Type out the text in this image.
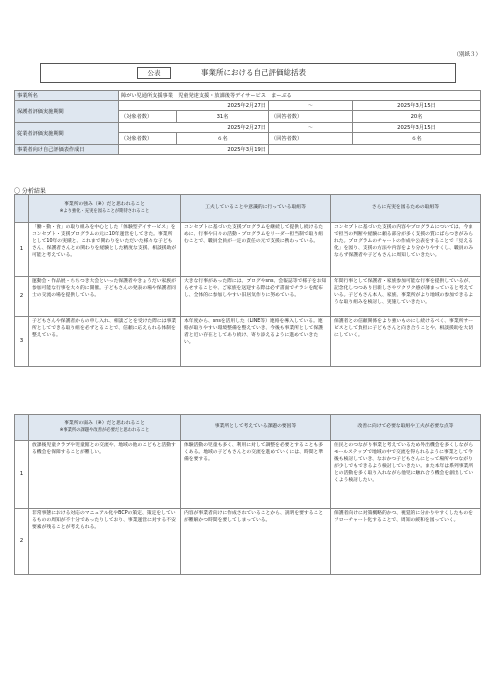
（別紙３）
公表	事業所における自己評価総括表
事業所名	障がい児通所支援事業　児童発達支援・放課後等デイサービス　まーぶる			
保護者評価実施期間	2025年2月27日		～	2025年3月15日
	（対象者数）	31名	（回答者数）	20名
従業者評価実施期間	2025年2月27日		～	2025年3月15日
	（対象者数）	６名	（回答者数）	６名
事業者向け自己評価表作成日	2025年3月19日			
〇 分析結果
	事業所の強み（※）だと思われること
※より強化・充実を図ることが期待されること	工夫していることや意識的に行っている取組等	さらに充実を図るための取組等
1	「働・動・食」の取り組みを中心とした「体験型デイサービス」をコンセプト・支援プログラムの元に10年運営をしてきた。事業所として10年の実績と、これまで関わりをいただいた様々な子どもさん、保護者さんとの関わりを経験とした精度な支援、相談援助が可能と考えている。	コンセプトに基づいた支援プログラムを継続して提供し続けるために、行事や日々の活動・プログラムをリーダー担当制で取り組むことで、職員全員が一定の責任の元で支援に携わっている。	コンセプトに基づいた支援の内容やプログラムについては、今まで担当の判断や経験に頼る部分が多く支援の質にばらつきがみられた。プログラムのチャートの作成や公表をすることで「見える化」を図り、支援の方法や内容をより分かりやすくし、職員のみならず保護者や子どもさんに周知していきたい。
2	運動会・作品展・ちちつき大会といった保護者やきょうだい家族が参加可能な行事を大々的に開催。子どもさんの発表の場や保護者同士の交流の場を提供している。	大きな行事があった際には、ブログやsns、会報誌等で様子をお知らせすることや、ご家族を送迎する際は必ず書面でチラシを配布し、全体的に参加しやすい旧居気作りに努めている。	年間行事として保護者・家族参加可能な行事を提供しているが、記念化しつつあり目新しさやワクワク感が薄まっていると考えている。子どもさん本人、家族、事業所がより地域の参加できるような取り組みを検討し、実施していきたい。
3	子どもさんや保護者からの申し入れ、相談ごとを受けた際には事業所としてできる取り組を必ずとることで、信頼に応えられる体制を整えている。	本年度から、snsを活用した（LINE等）連絡を導入している。連絡が取りやすい環境整備を整えていき、今後も事業所として保護者と近い存在としてあり続け、寄り添えるように進めていきたい。	保護者との信頼関係をより強いものにし続けるべく、事業所サービスとして負担に子どもさんと向き合うことや、相談援助を大切にしていく。
	事業所の弱み（※）だと思われること
※事業所の課題や改善が必要だと思われること	事業所として考えている課題の要因等	改善に向けて必要な取組や工夫が必要な点等
1	放課後児童クラブや児童館との交流や、地域の他のこどもと活動する機会を保障することが難しい。	体験活動の児童も多く、利用に対して調整を必要とすることも多くある。地域の子どもさんとの交流を進めていくには、時間と準備を要する。	住民とのつながり事業と考えているため外出機会を多くしながらモールステップで地域の中で交流を得られるように事業として今後も検討していき、なおかつ子どもさんにとって場所やつながりが少しでもできるよう検討していきたい。また本年は系列事業所との活動を多く取り入れながら他児に触れ合う機会を創出していくよう検討したい。
2	非常事態における対応のマニュアル化やBCPの策定、策定をしているものの周知が不十分であったりしており、事業運営に対する不安要素が残ることが考えられる。	内容が事業者向けに作成されていることから、説明を要することが難解かつ時間を要してしまっている。	保護者向けに対策概略的かつ、視覚的に分かりやすくしたものをフローチャート化することで、周知の緩和を図っていく。
